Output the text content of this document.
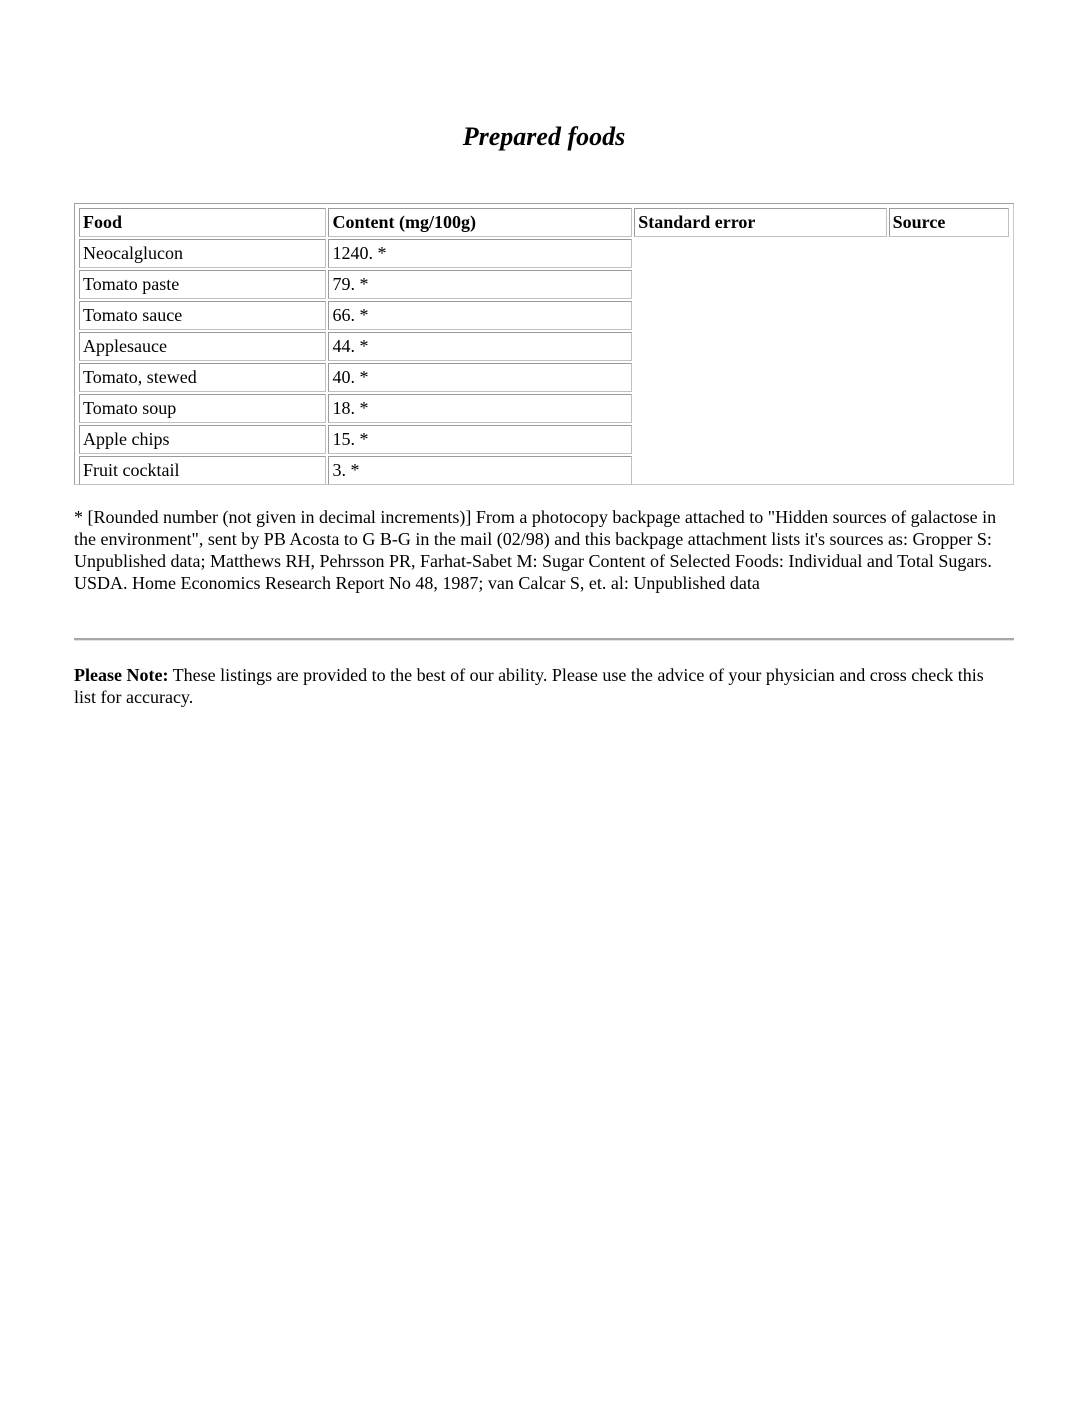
Prepared foods
Food	Content (mg/100g)	Standard error	Source
Neocalglucon	1240. *		
Tomato paste	79. *		
Tomato sauce	66. *		
Applesauce	44. *		
Tomato, stewed	40. *		
Tomato soup	18. *		
Apple chips	15. *		
Fruit cocktail	3. *		

* [Rounded number (not given in decimal increments)] From a photocopy backpage attached to "Hidden sources of galactose in the environment", sent by PB Acosta to G B-G in the mail (02/98) and this backpage attachment lists it's sources as: Gropper S: Unpublished data; Matthews RH, Pehrsson PR, Farhat-Sabet M: Sugar Content of Selected Foods: Individual and Total Sugars. USDA. Home Economics Research Report No 48, 1987; van Calcar S, et. al: Unpublished data

Please Note: These listings are provided to the best of our ability. Please use the advice of your physician and cross check this list for accuracy.
